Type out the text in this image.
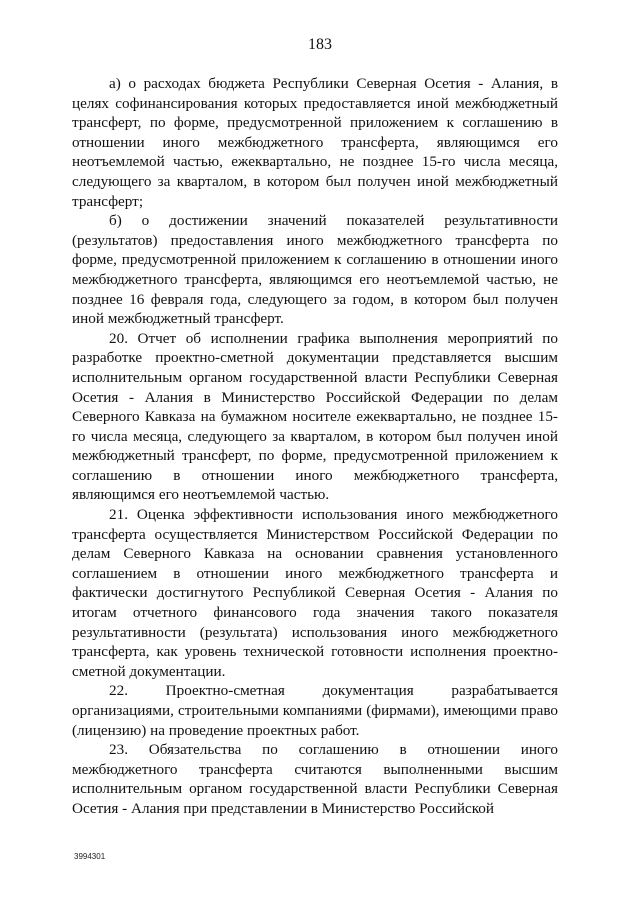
183

а) о расходах бюджета Республики Северная Осетия - Алания, в целях софинансирования которых предоставляется иной межбюджетный трансферт, по форме, предусмотренной приложением к соглашению в отношении иного межбюджетного трансферта, являющимся его неотъемлемой частью, ежеквартально, не позднее 15-го числа месяца, следующего за кварталом, в котором был получен иной межбюджетный трансферт;

б) о достижении значений показателей результативности (результатов) предоставления иного межбюджетного трансферта по форме, предусмотренной приложением к соглашению в отношении иного межбюджетного трансферта, являющимся его неотъемлемой частью, не позднее 16 февраля года, следующего за годом, в котором был получен иной межбюджетный трансферт.

20. Отчет об исполнении графика выполнения мероприятий по разработке проектно-сметной документации представляется высшим исполнительным органом государственной власти Республики Северная Осетия - Алания в Министерство Российской Федерации по делам Северного Кавказа на бумажном носителе ежеквартально, не позднее 15-го числа месяца, следующего за кварталом, в котором был получен иной межбюджетный трансферт, по форме, предусмотренной приложением к соглашению в отношении иного межбюджетного трансферта, являющимся его неотъемлемой частью.

21. Оценка эффективности использования иного межбюджетного трансферта осуществляется Министерством Российской Федерации по делам Северного Кавказа на основании сравнения установленного соглашением в отношении иного межбюджетного трансферта и фактически достигнутого Республикой Северная Осетия - Алания по итогам отчетного финансового года значения такого показателя результативности (результата) использования иного межбюджетного трансферта, как уровень технической готовности исполнения проектно-сметной документации.

22. Проектно-сметная документация разрабатывается организациями, строительными компаниями (фирмами), имеющими право (лицензию) на проведение проектных работ.

23. Обязательства по соглашению в отношении иного межбюджетного трансферта считаются выполненными высшим исполнительным органом государственной власти Республики Северная Осетия - Алания при представлении в Министерство Российской

3994301
